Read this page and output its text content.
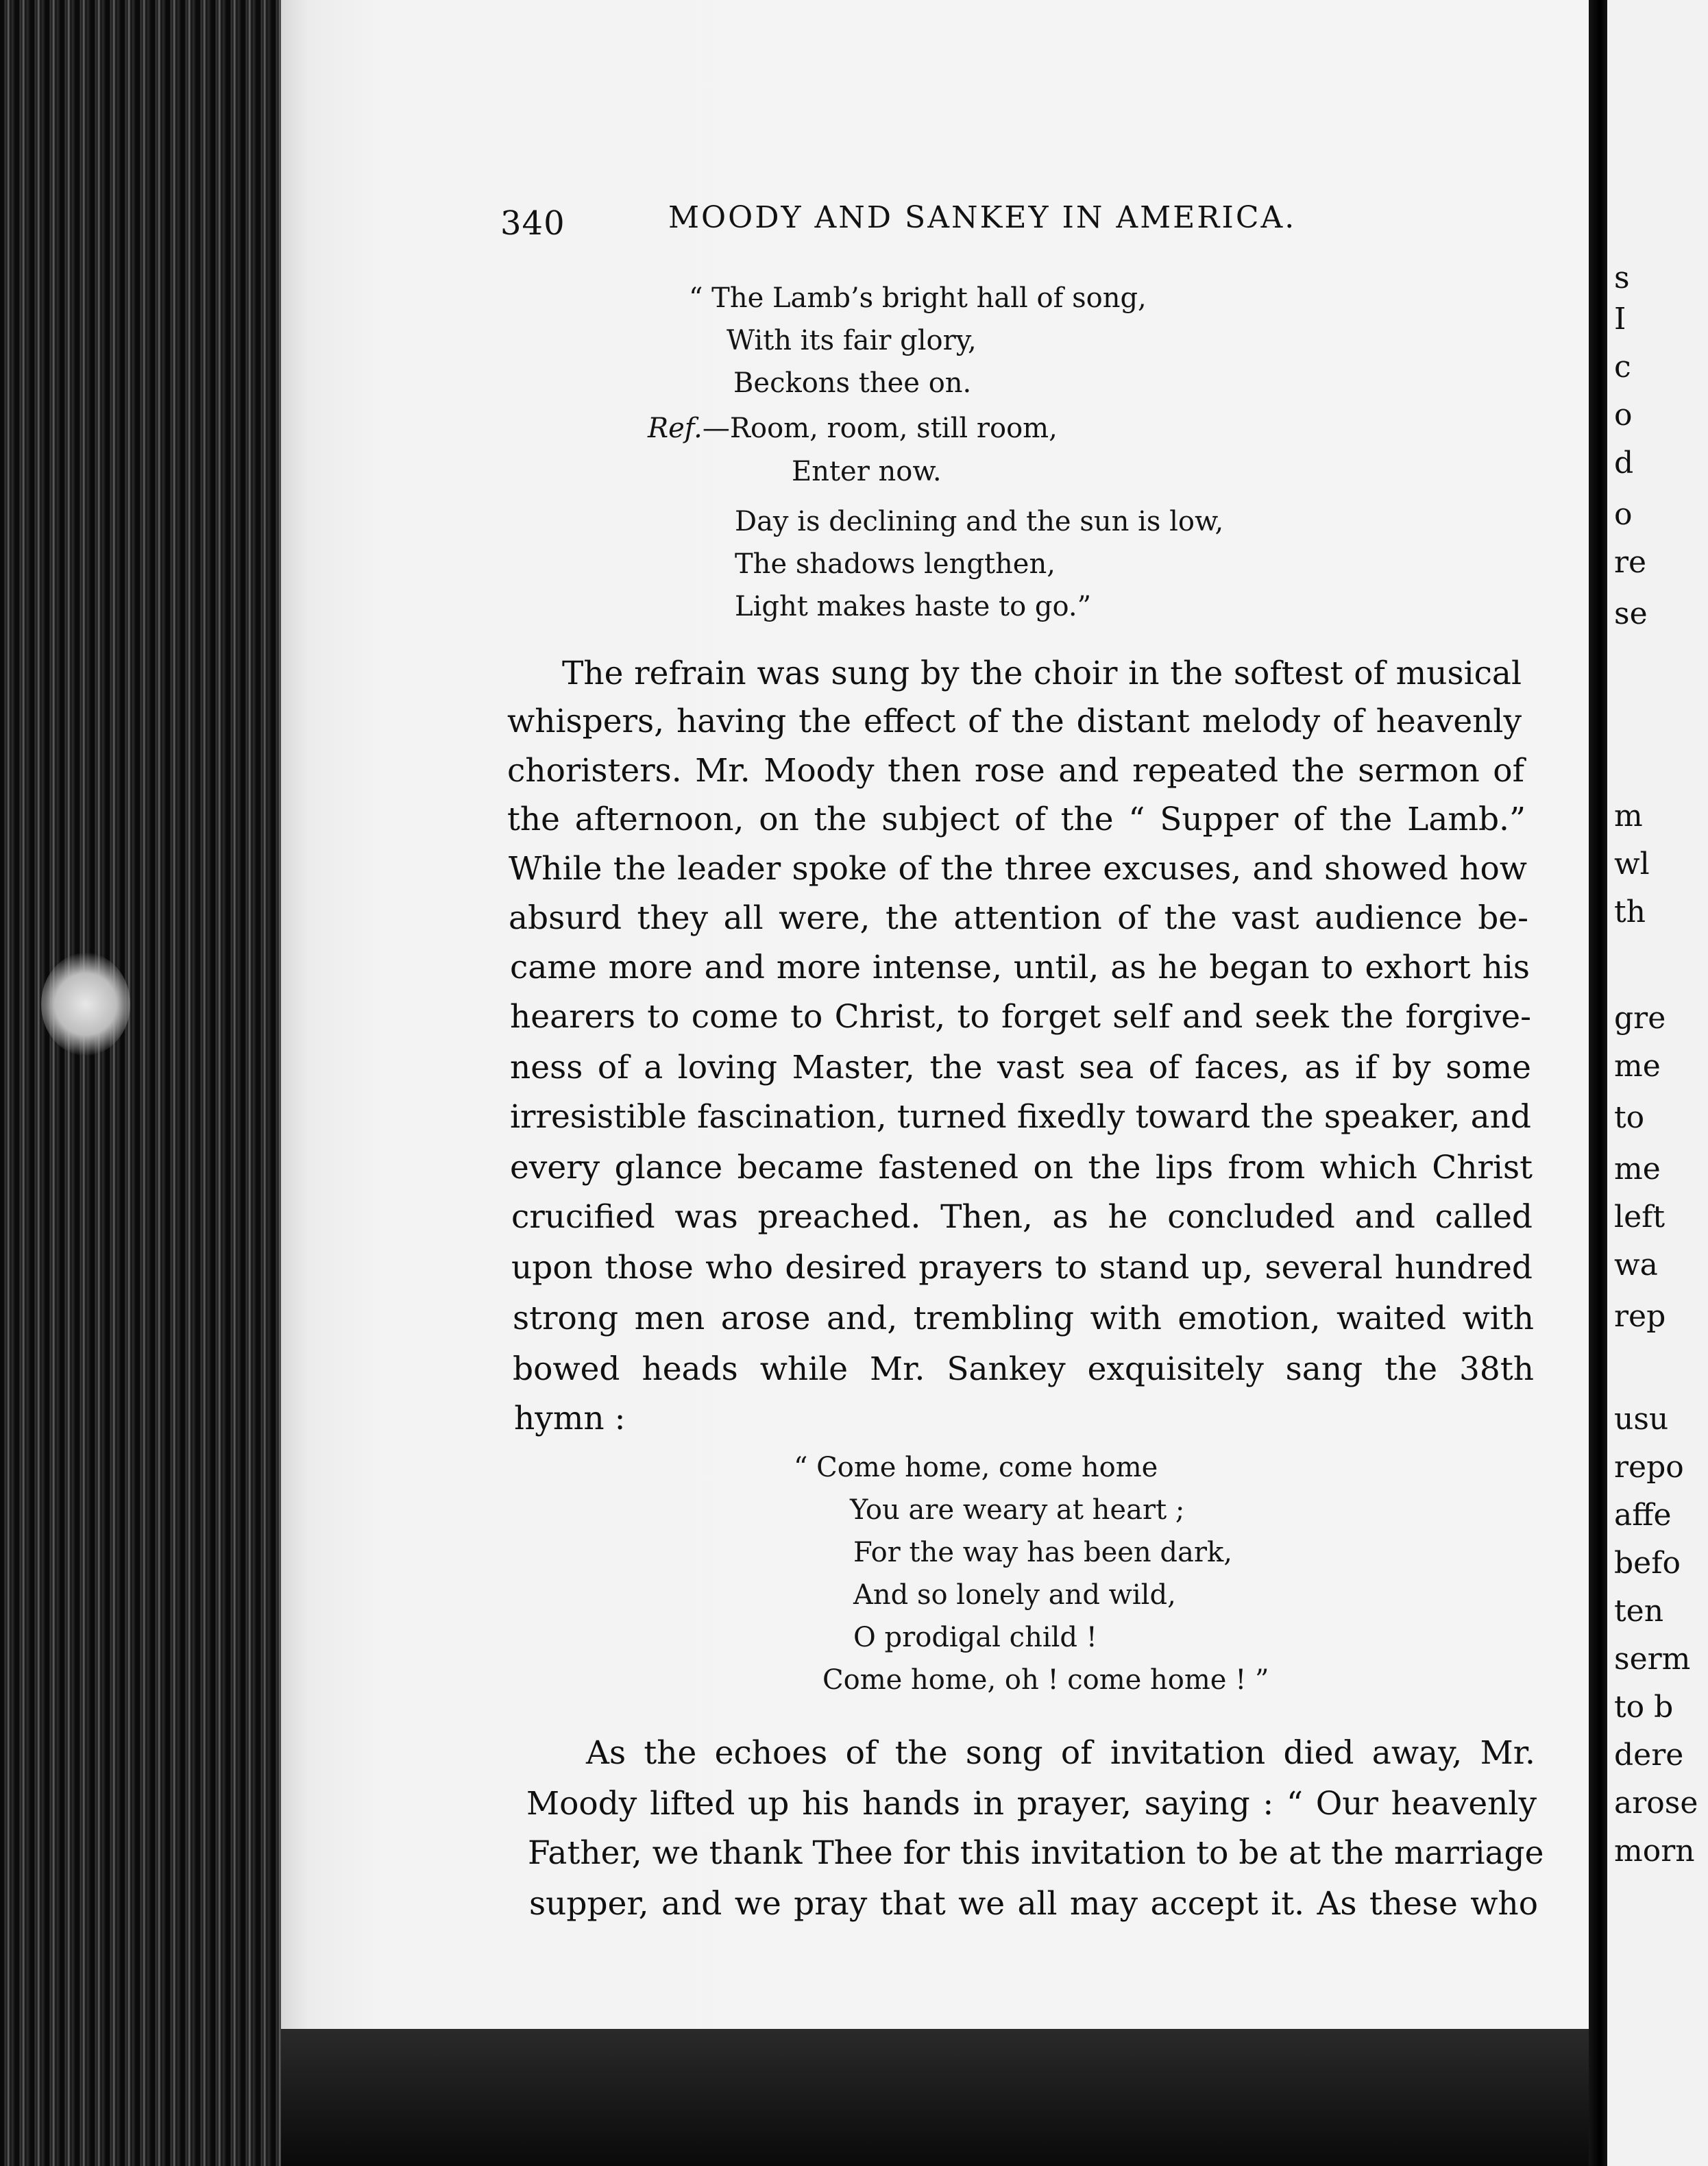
s
I
c
o
d
o
re
se
m
wl
th
gre
me
to
me
left
wa
rep
usu
repo
affe
befo
ten
serm
to b
dere
arose
morn
340	MOODY AND SANKEY IN AMERICA.
“ The Lamb’s bright hall of song,
With its fair glory,
Beckons thee on.
Ref.—Room, room, still room,
Enter now.
Day is declining and the sun is low,
The shadows lengthen,
Light makes haste to go.”
The refrain was sung by the choir in the softest of musical
whispers, having the effect of the distant melody of heavenly
choristers. Mr. Moody then rose and repeated the sermon of
the afternoon, on the subject of the “ Supper of the Lamb.”
While the leader spoke of the three excuses, and showed how
absurd they all were, the attention of the vast audience be-
came more and more intense, until, as he began to exhort his
hearers to come to Christ, to forget self and seek the forgive-
ness of a loving Master, the vast sea of faces, as if by some
irresistible fascination, turned fixedly toward the speaker, and
every glance became fastened on the lips from which Christ
crucified was preached. Then, as he concluded and called
upon those who desired prayers to stand up, several hundred
strong men arose and, trembling with emotion, waited with
bowed heads while Mr. Sankey exquisitely sang the 38th
hymn :
“ Come home, come home
You are weary at heart ;
For the way has been dark,
And so lonely and wild,
O prodigal child !
Come home, oh ! come home ! ”
As the echoes of the song of invitation died away, Mr.
Moody lifted up his hands in prayer, saying : “ Our heavenly
Father, we thank Thee for this invitation to be at the marriage
supper, and we pray that we all may accept it. As these who
